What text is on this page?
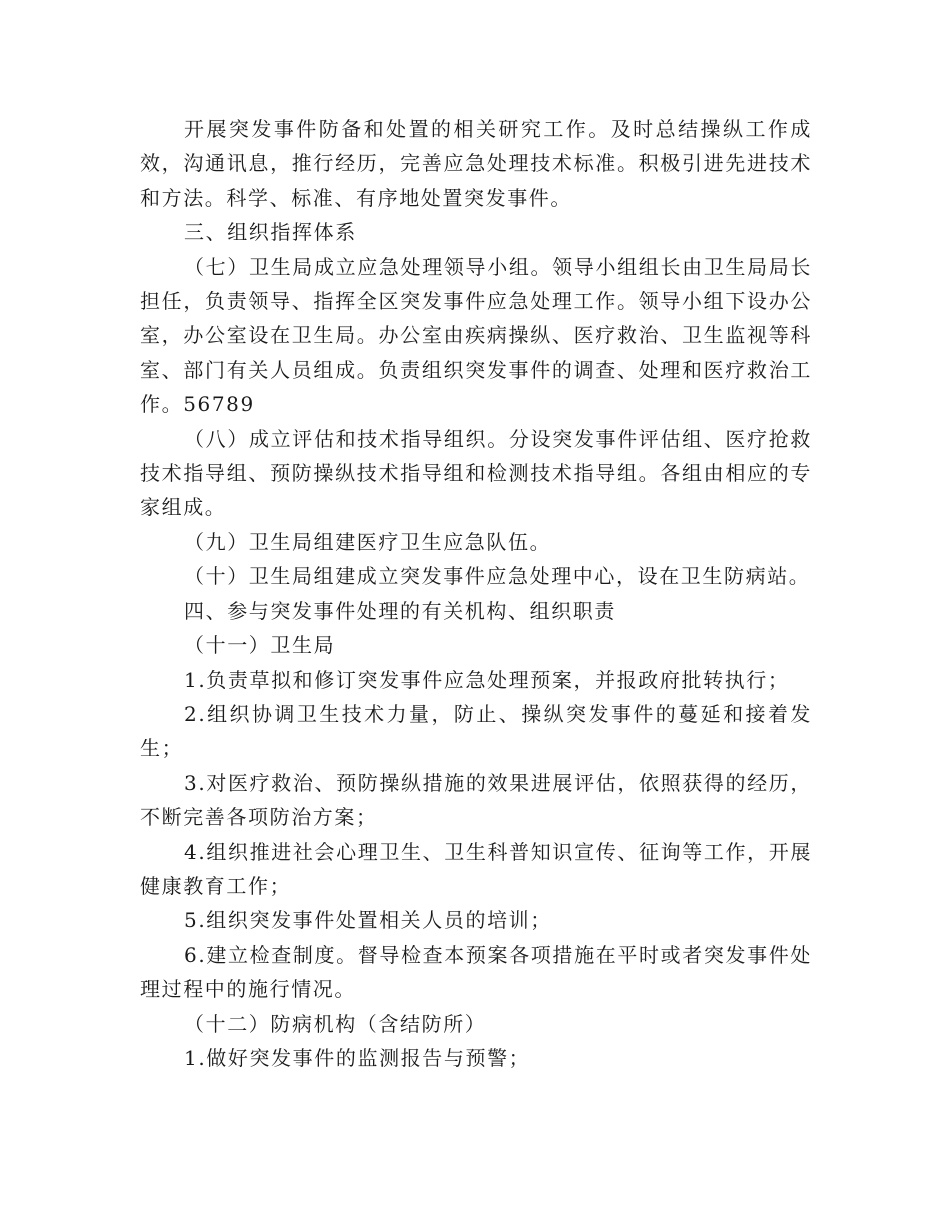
开展突发事件防备和处置的相关研究工作。及时总结操纵工作成效，沟通讯息，推行经历，完善应急处理技术标准。积极引进先进技术和方法。科学、标准、有序地处置突发事件。

三、组织指挥体系

（七）卫生局成立应急处理领导小组。领导小组组长由卫生局局长担任，负责领导、指挥全区突发事件应急处理工作。领导小组下设办公室，办公室设在卫生局。办公室由疾病操纵、医疗救治、卫生监视等科室、部门有关人员组成。负责组织突发事件的调查、处理和医疗救治工作。56789

（八）成立评估和技术指导组织。分设突发事件评估组、医疗抢救技术指导组、预防操纵技术指导组和检测技术指导组。各组由相应的专家组成。

（九）卫生局组建医疗卫生应急队伍。

（十）卫生局组建成立突发事件应急处理中心，设在卫生防病站。

四、参与突发事件处理的有关机构、组织职责

（十一）卫生局

1.负责草拟和修订突发事件应急处理预案，并报政府批转执行；

2.组织协调卫生技术力量，防止、操纵突发事件的蔓延和接着发生；

3.对医疗救治、预防操纵措施的效果进展评估，依照获得的经历，不断完善各项防治方案；

4.组织推进社会心理卫生、卫生科普知识宣传、征询等工作，开展健康教育工作；

5.组织突发事件处置相关人员的培训；

6.建立检查制度。督导检查本预案各项措施在平时或者突发事件处理过程中的施行情况。

（十二）防病机构（含结防所）

1.做好突发事件的监测报告与预警；
